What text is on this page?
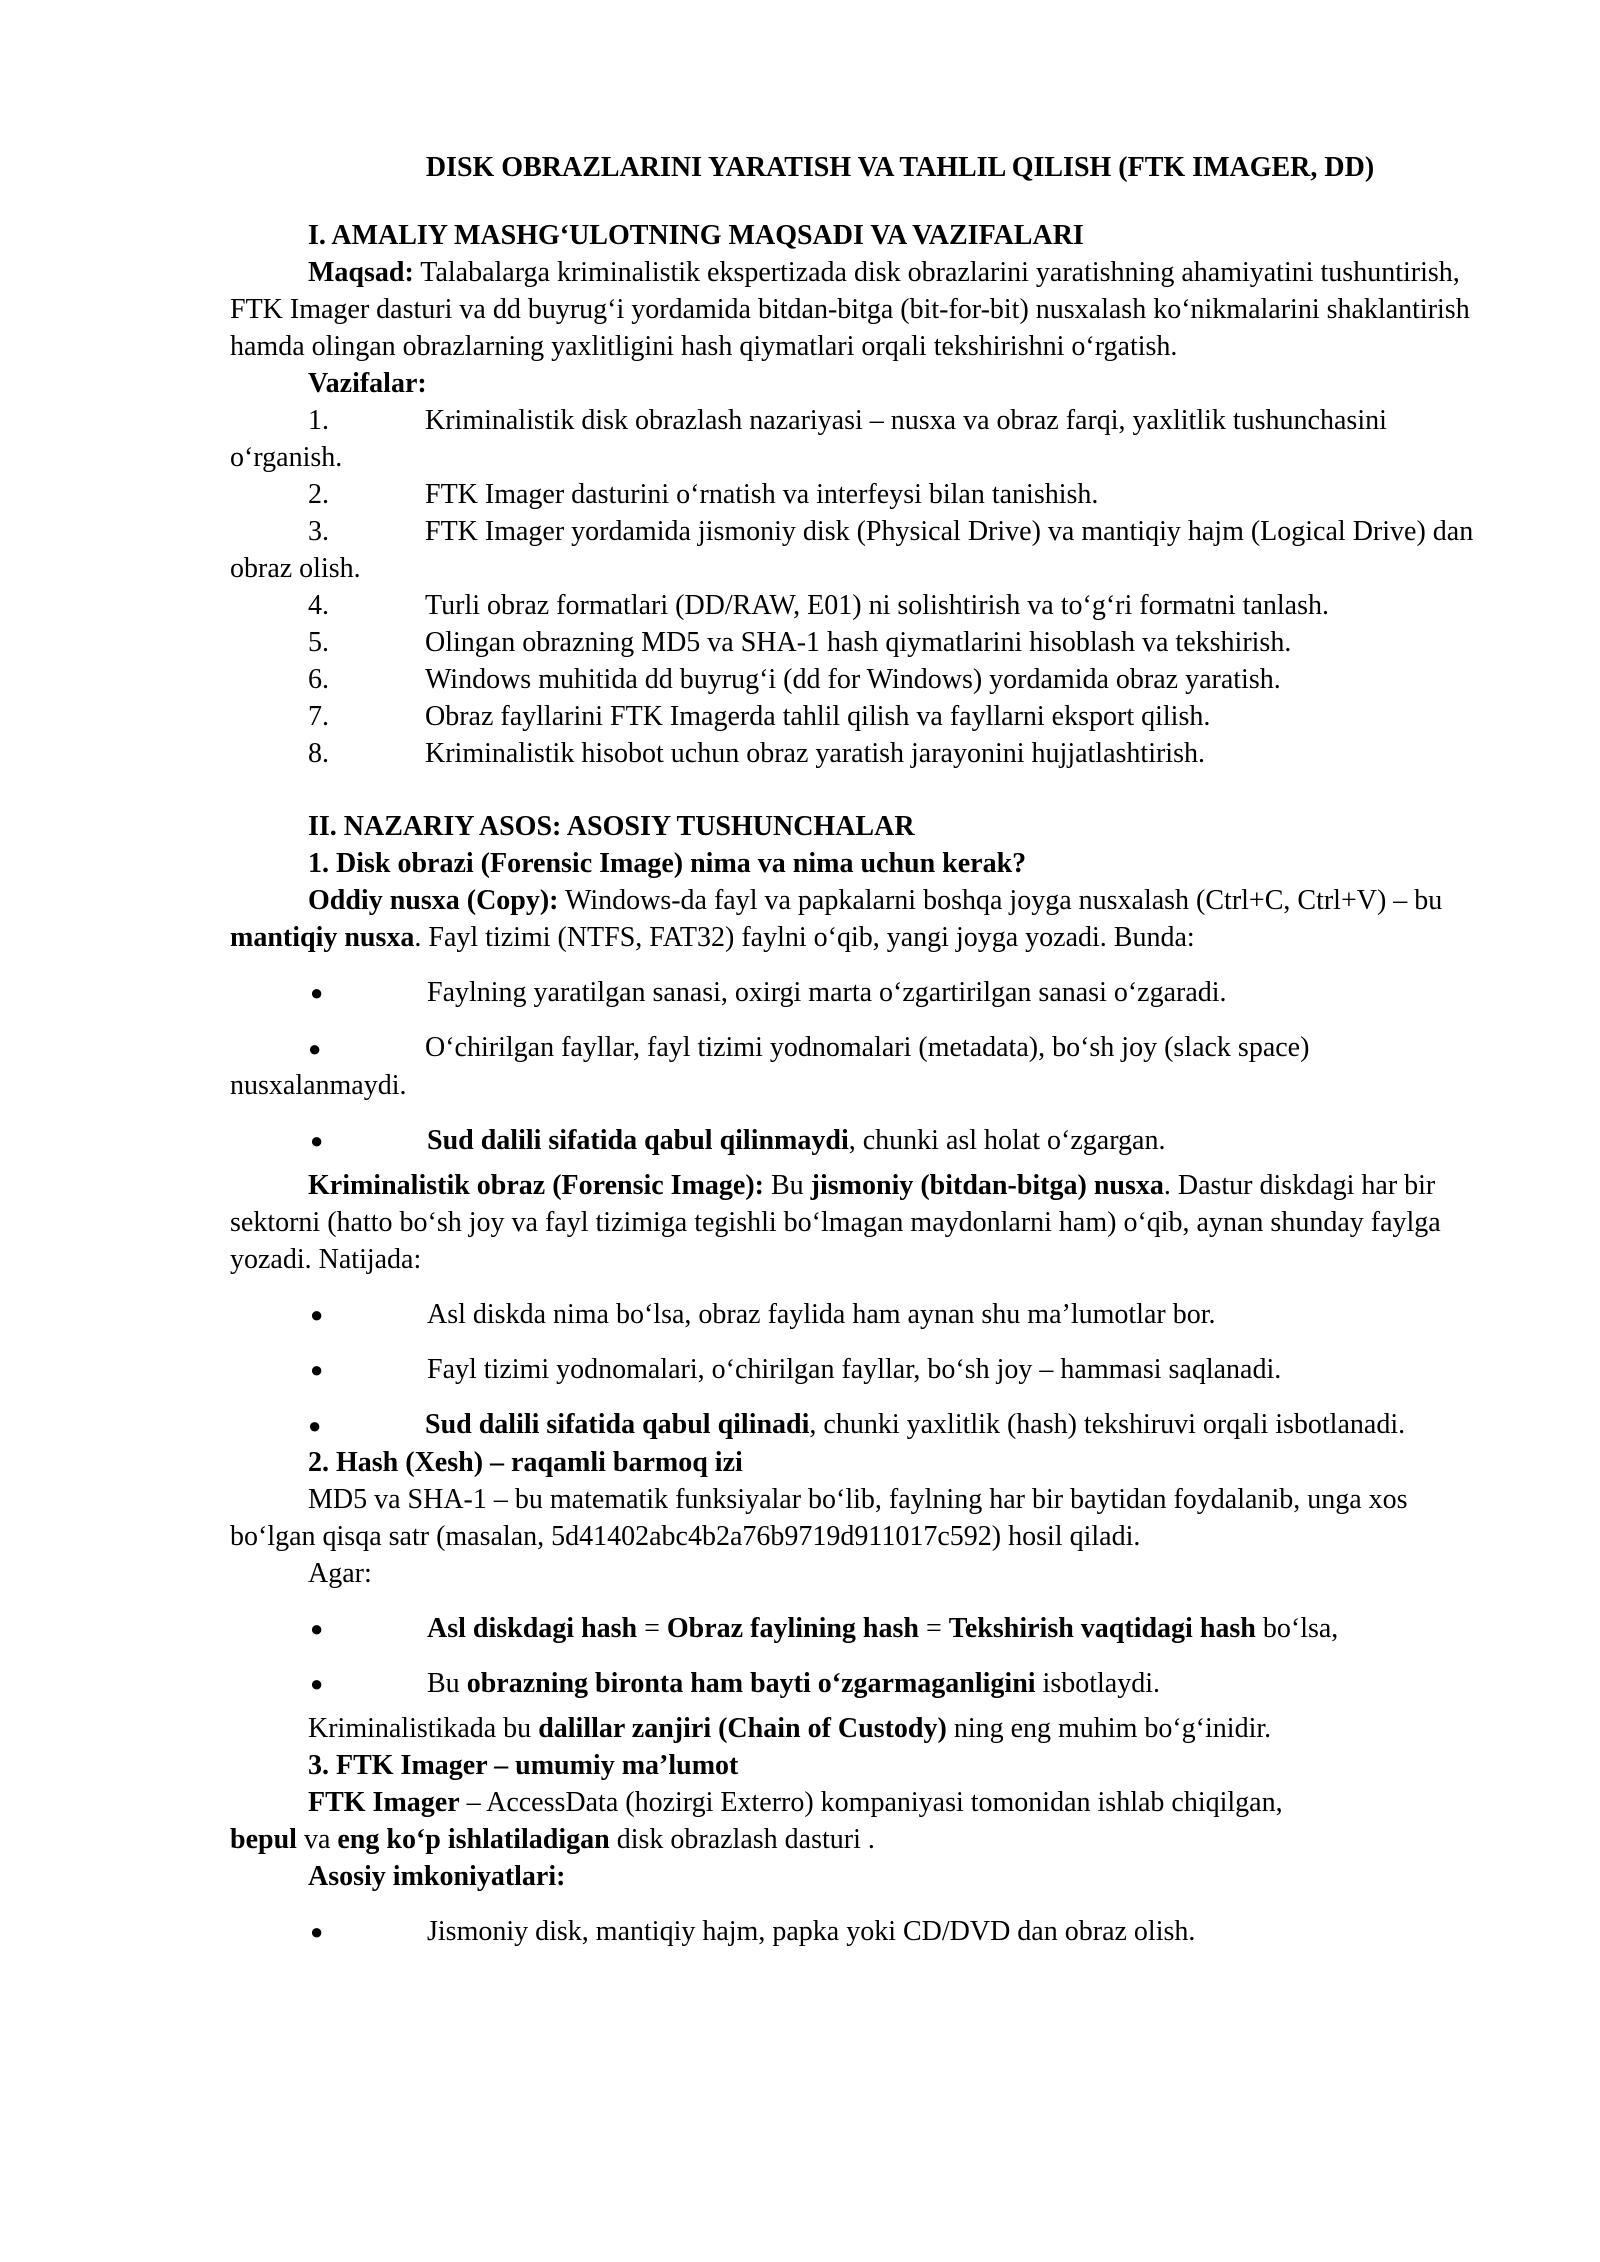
DISK OBRAZLARINI YARATISH VA TAHLIL QILISH (FTK IMAGER, DD)
I. AMALIY MASHG‘ULOTNING MAQSADI VA VAZIFALARI

Maqsad: Talabalarga kriminalistik ekspertizada disk obrazlarini yaratishning ahamiyatini tushuntirish, FTK Imager dasturi va dd buyrug‘i yordamida bitdan-bitga (bit-for-bit) nusxalash ko‘nikmalarini shaklantirish hamda olingan obrazlarning yaxlitligini hash qiymatlari orqali tekshirishni o‘rgatish.

Vazifalar:

1.	Kriminalistik disk obrazlash nazariyasi – nusxa va obraz farqi, yaxlitlik tushunchasini o‘rganish.

2.	FTK Imager dasturini o‘rnatish va interfeysi bilan tanishish.

3.	FTK Imager yordamida jismoniy disk (Physical Drive) va mantiqiy hajm (Logical Drive) dan obraz olish.

4.	Turli obraz formatlari (DD/RAW, E01) ni solishtirish va to‘g‘ri formatni tanlash.

5.	Olingan obrazning MD5 va SHA-1 hash qiymatlarini hisoblash va tekshirish.

6.	Windows muhitida dd buyrug‘i (dd for Windows) yordamida obraz yaratish.

7.	Obraz fayllarini FTK Imagerda tahlil qilish va fayllarni eksport qilish.

8.	Kriminalistik hisobot uchun obraz yaratish jarayonini hujjatlashtirish.

II. NAZARIY ASOS: ASOSIY TUSHUNCHALAR
1. Disk obrazi (Forensic Image) nima va nima uchun kerak?

Oddiy nusxa (Copy): Windows-da fayl va papkalarni boshqa joyga nusxalash (Ctrl+C, Ctrl+V) – bu mantiqiy nusxa. Fayl tizimi (NTFS, FAT32) faylni o‘qib, yangi joyga yozadi. Bunda:

●	Faylning yaratilgan sanasi, oxirgi marta o‘zgartirilgan sanasi o‘zgaradi.

●	O‘chirilgan fayllar, fayl tizimi yodnomalari (metadata), bo‘sh joy (slack space) nusxalanmaydi.

●	Sud dalili sifatida qabul qilinmaydi, chunki asl holat o‘zgargan.

Kriminalistik obraz (Forensic Image): Bu jismoniy (bitdan-bitga) nusxa. Dastur diskdagi har bir sektorni (hatto bo‘sh joy va fayl tizimiga tegishli bo‘lmagan maydonlarni ham) o‘qib, aynan shunday faylga yozadi. Natijada:

●	Asl diskda nima bo‘lsa, obraz faylida ham aynan shu ma’lumotlar bor.

●	Fayl tizimi yodnomalari, o‘chirilgan fayllar, bo‘sh joy – hammasi saqlanadi.

●	Sud dalili sifatida qabul qilinadi, chunki yaxlitlik (hash) tekshiruvi orqali isbotlanadi.

2. Hash (Xesh) – raqamli barmoq izi

MD5 va SHA-1 – bu matematik funksiyalar bo‘lib, faylning har bir baytidan foydalanib, unga xos bo‘lgan qisqa satr (masalan, 5d41402abc4b2a76b9719d911017c592) hosil qiladi.

Agar:

●	Asl diskdagi hash = Obraz faylining hash = Tekshirish vaqtidagi hash bo‘lsa,

●	Bu obrazning bironta ham bayti o‘zgarmaganligini isbotlaydi.

Kriminalistikada bu dalillar zanjiri (Chain of Custody) ning eng muhim bo‘g‘inidir.

3. FTK Imager – umumiy ma’lumot

FTK Imager – AccessData (hozirgi Exterro) kompaniyasi tomonidan ishlab chiqilgan, bepul va eng ko‘p ishlatiladigan disk obrazlash dasturi .

Asosiy imkoniyatlari:

●	Jismoniy disk, mantiqiy hajm, papka yoki CD/DVD dan obraz olish.
